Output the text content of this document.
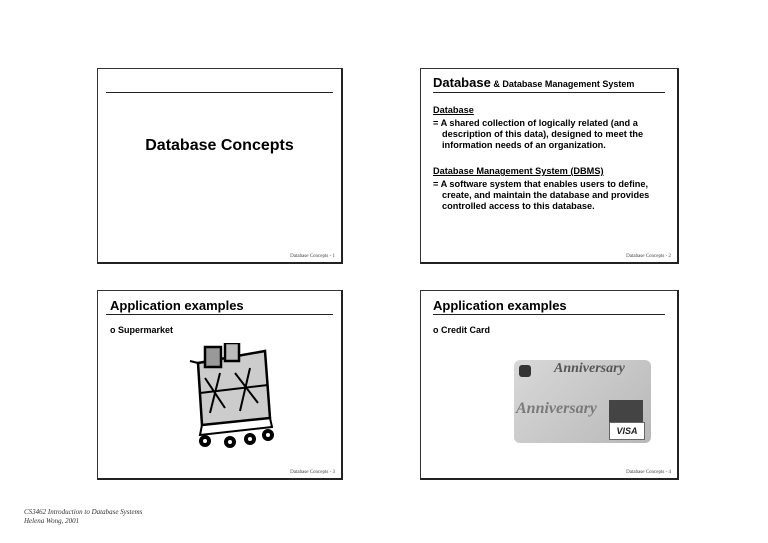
Database Concepts
Database Concepts - 1
Database & Database Management System
Database

= A shared collection of logically related (and a description of this data), designed to meet the information needs of an organization.

Database Management System (DBMS)

= A software system that enables users to define, create, and maintain the database and provides controlled access to this database.

Database Concepts - 2
Application examples
o Supermarket
Database Concepts - 3
Application examples
o Credit Card
Anniversary
Anniversary
VISA
Database Concepts - 4
CS3462 Introduction to Database Systems
Helena Wong, 2001
